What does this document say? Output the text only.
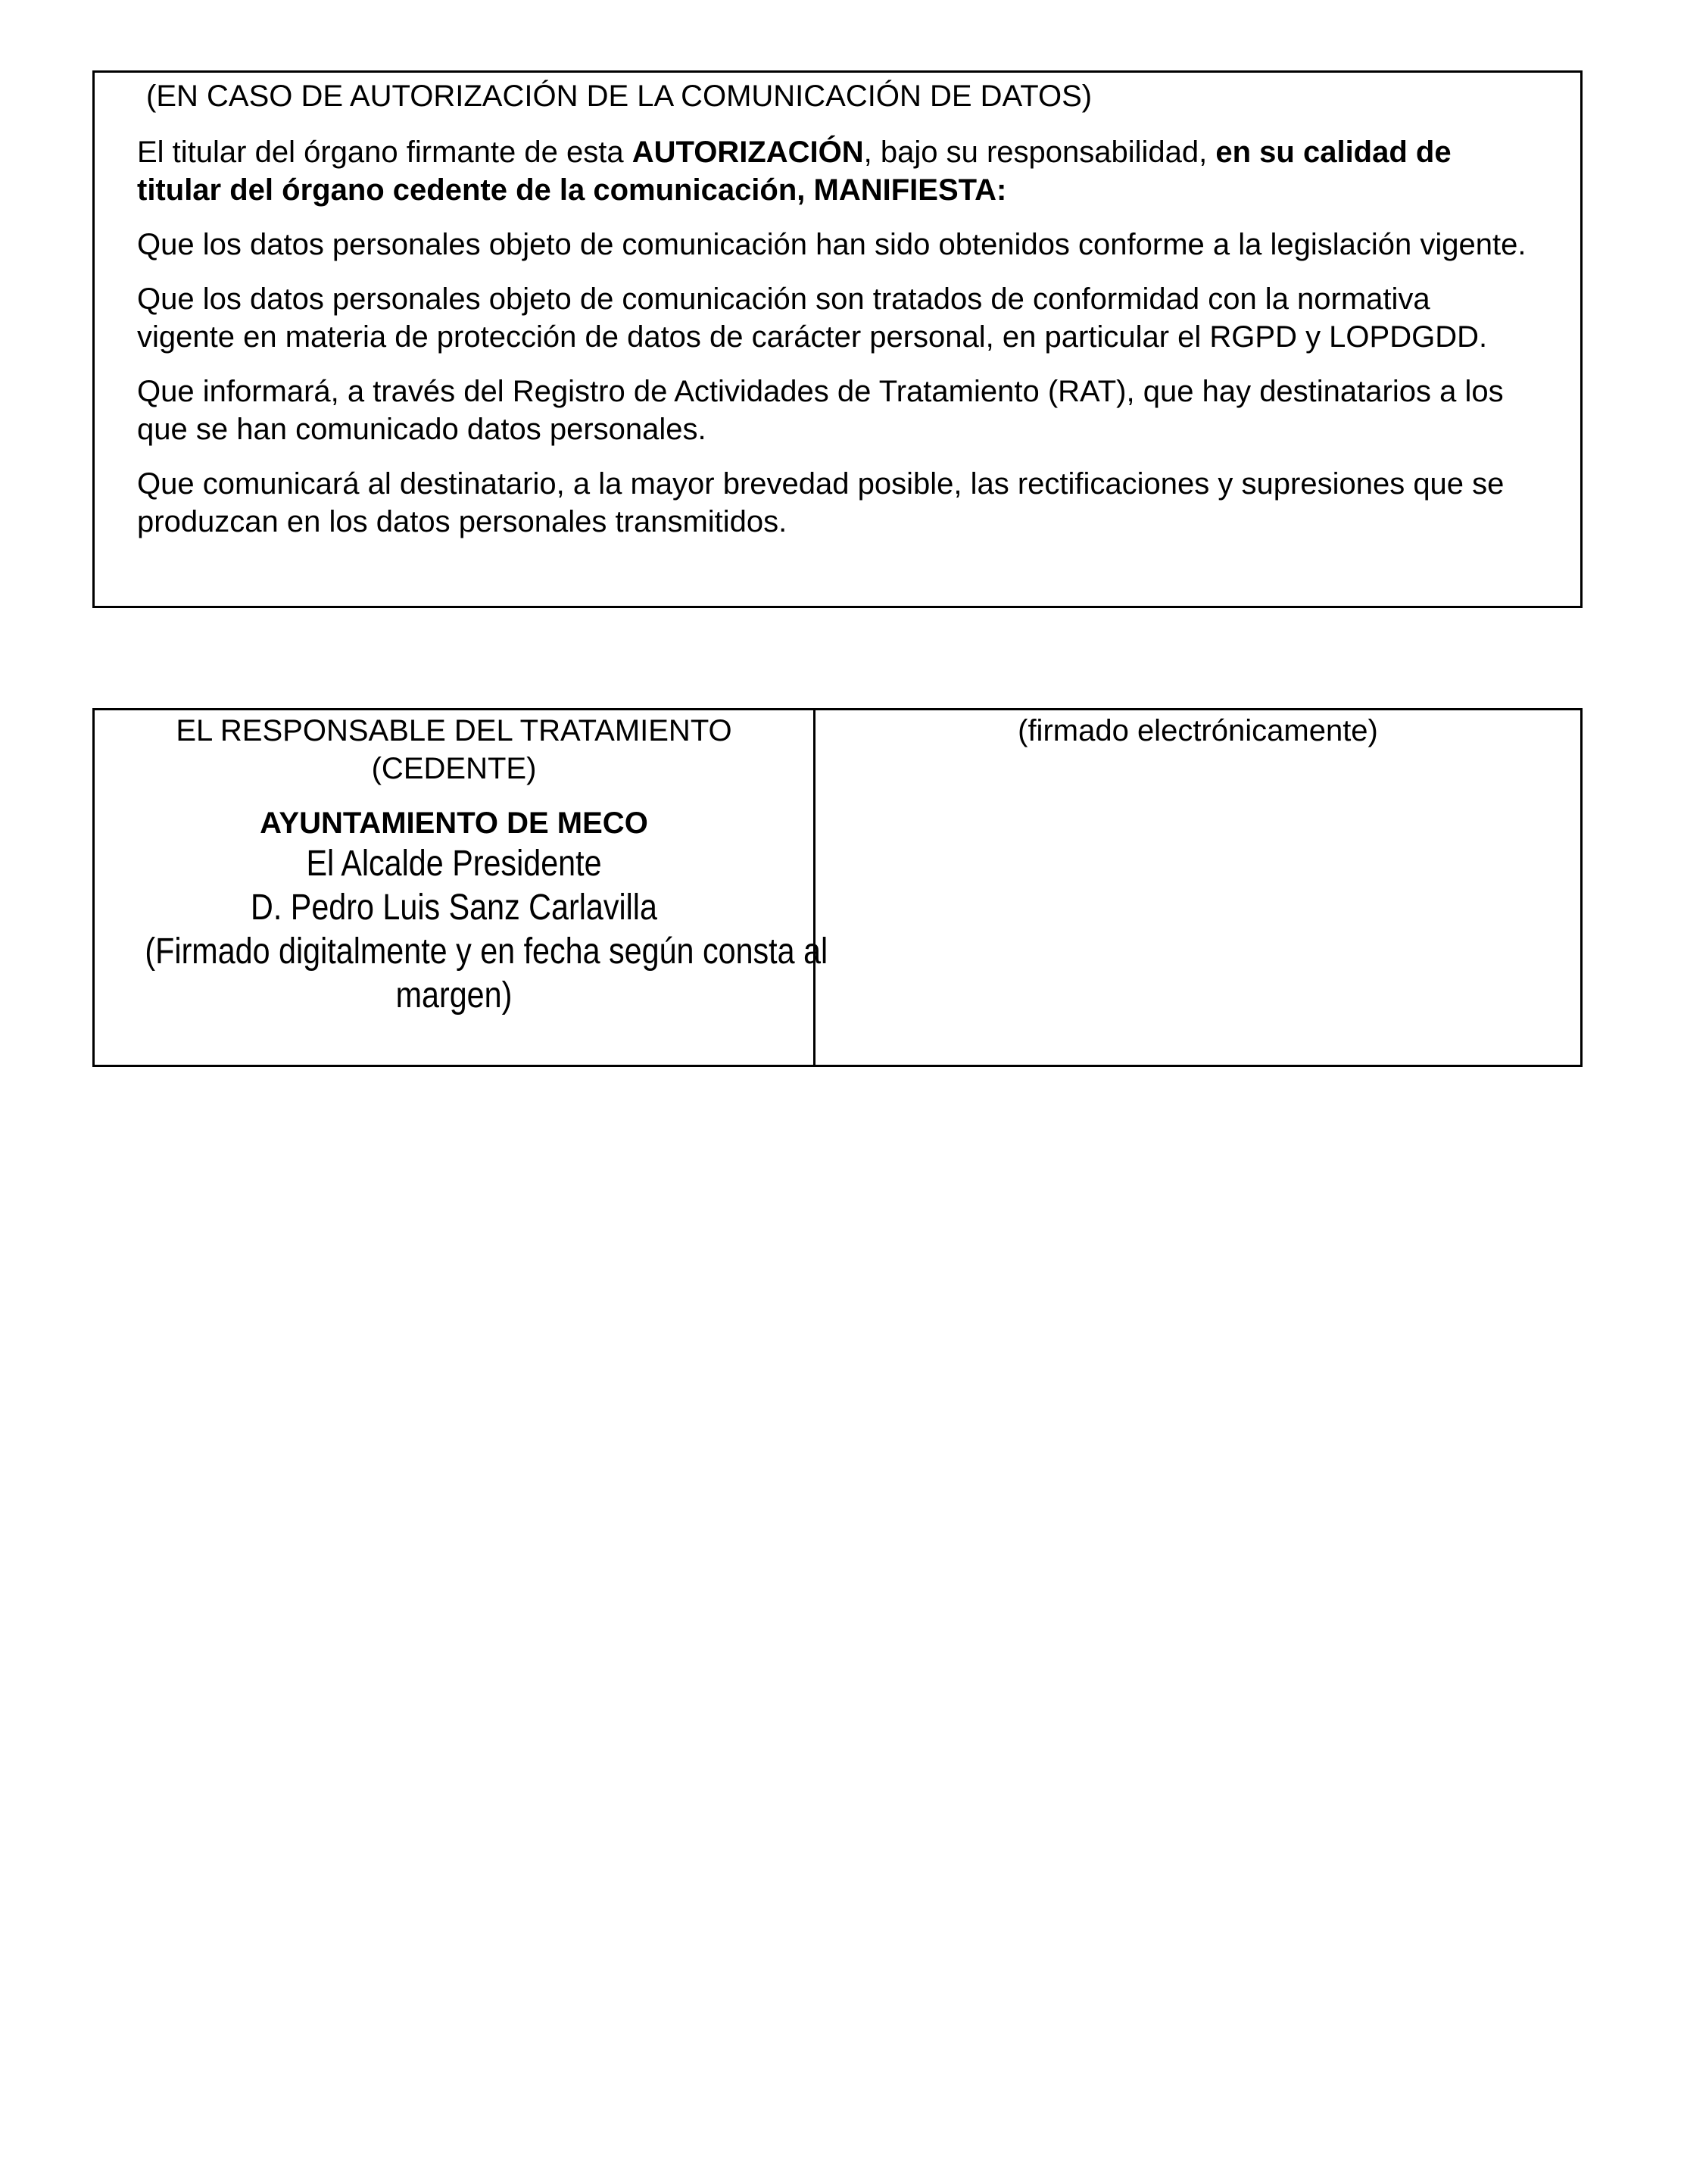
(EN CASO DE AUTORIZACIÓN DE LA COMUNICACIÓN DE DATOS)
El titular del órgano firmante de esta AUTORIZACIÓN, bajo su responsabilidad, en su calidad de titular del órgano cedente de la comunicación, MANIFIESTA:
Que los datos personales objeto de comunicación han sido obtenidos conforme a la legislación vigente.
Que los datos personales objeto de comunicación son tratados de conformidad con la normativa vigente en materia de protección de datos de carácter personal, en particular el RGPD y LOPDGDD.
Que informará, a través del Registro de Actividades de Tratamiento (RAT), que hay destinatarios a los que se han comunicado datos personales.
Que comunicará al destinatario, a la mayor brevedad posible, las rectificaciones y supresiones que se produzcan en los datos personales transmitidos.
EL RESPONSABLE DEL TRATAMIENTO
(CEDENTE)
AYUNTAMIENTO DE MECO
El Alcalde Presidente
D. Pedro Luis Sanz Carlavilla
(Firmado digitalmente y en fecha según consta al
margen)
(firmado electrónicamente)
